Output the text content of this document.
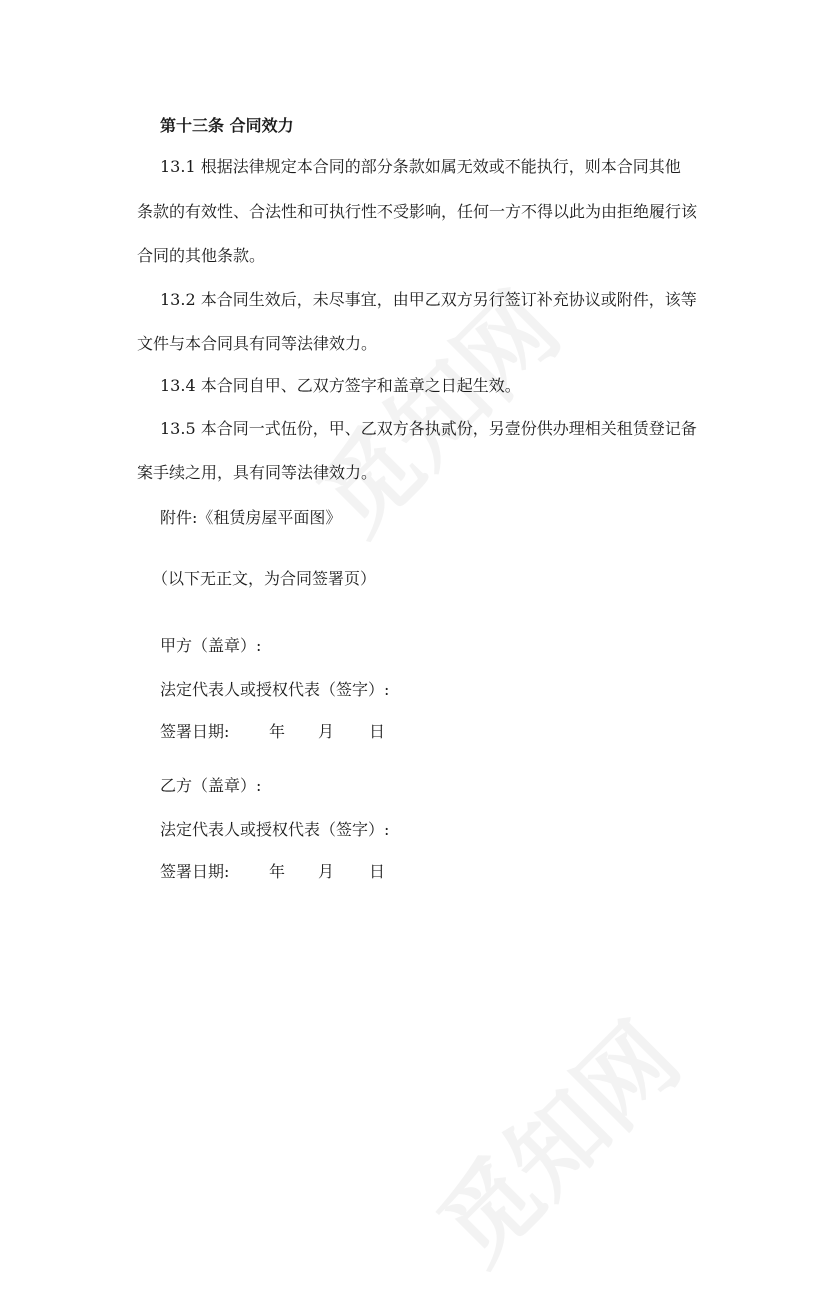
第十三条 合同效力

13.1 根据法律规定本合同的部分条款如属无效或不能执行，则本合同其他

条款的有效性、合法性和可执行性不受影响，任何一方不得以此为由拒绝履行该

合同的其他条款。

13.2 本合同生效后，未尽事宜，由甲乙双方另行签订补充协议或附件，该等

文件与本合同具有同等法律效力。

13.4 本合同自甲、乙双方签字和盖章之日起生效。

13.5 本合同一式伍份，甲、乙双方各执贰份，另壹份供办理相关租赁登记备

案手续之用，具有同等法律效力。

附件:《租赁房屋平面图》

（以下无正文，为合同签署页）

甲方（盖章）:

法定代表人或授权代表（签字）:

签署日期: 年 月 日

乙方（盖章）:

法定代表人或授权代表（签字）:

签署日期: 年 月 日
